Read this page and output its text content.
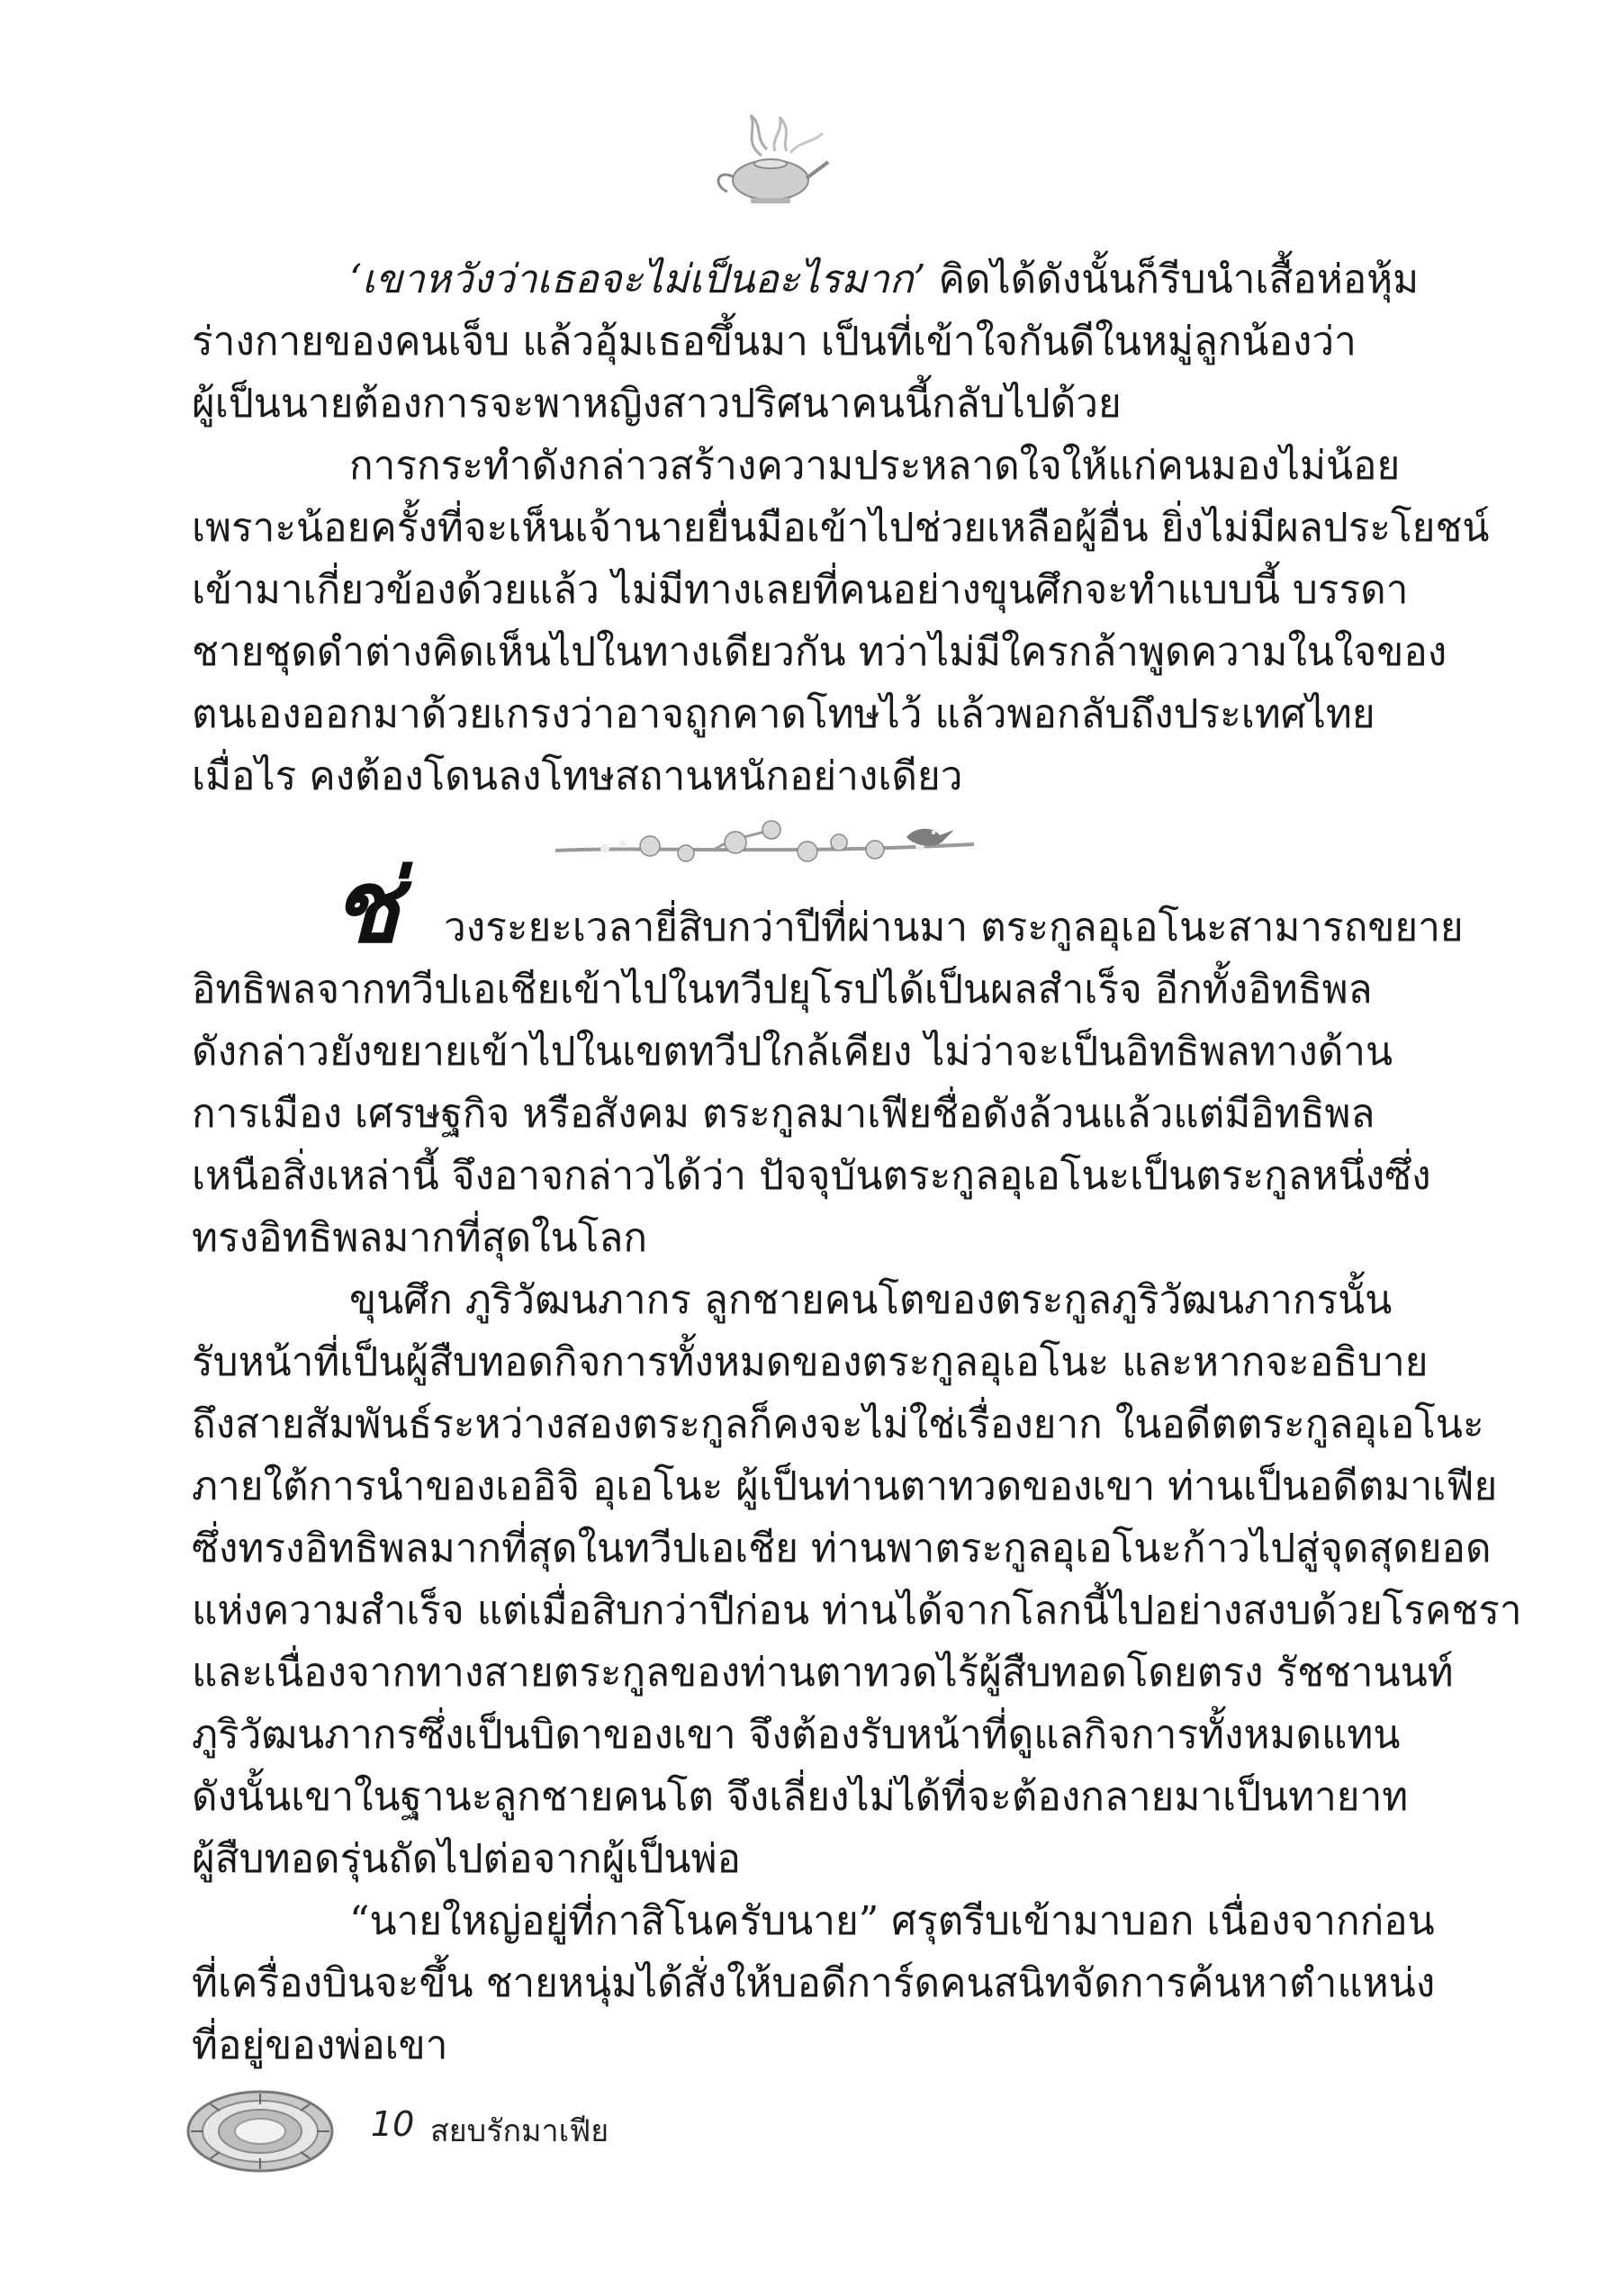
‘เขาหวังว่าเธอจะไม่เป็นอะไรมาก’ คิดได้ดังนั้นก็รีบนำเสื้อห่อหุ้ม
ร่างกายของคนเจ็บ แล้วอุ้มเธอขึ้นมา เป็นที่เข้าใจกันดีในหมู่ลูกน้องว่า
ผู้เป็นนายต้องการจะพาหญิงสาวปริศนาคนนี้กลับไปด้วย
การกระทำดังกล่าวสร้างความประหลาดใจให้แก่คนมองไม่น้อย
เพราะน้อยครั้งที่จะเห็นเจ้านายยื่นมือเข้าไปช่วยเหลือผู้อื่น ยิ่งไม่มีผลประโยชน์
เข้ามาเกี่ยวข้องด้วยแล้ว ไม่มีทางเลยที่คนอย่างขุนศึกจะทำแบบนี้ บรรดา
ชายชุดดำต่างคิดเห็นไปในทางเดียวกัน ทว่าไม่มีใครกล้าพูดความในใจของ
ตนเองออกมาด้วยเกรงว่าอาจถูกคาดโทษไว้ แล้วพอกลับถึงประเทศไทย
เมื่อไร คงต้องโดนลงโทษสถานหนักอย่างเดียว
ช่ วงระยะเวลายี่สิบกว่าปีที่ผ่านมา ตระกูลอุเอโนะสามารถขยาย
อิทธิพลจากทวีปเอเชียเข้าไปในทวีปยุโรปได้เป็นผลสำเร็จ อีกทั้งอิทธิพล
ดังกล่าวยังขยายเข้าไปในเขตทวีปใกล้เคียง ไม่ว่าจะเป็นอิทธิพลทางด้าน
การเมือง เศรษฐกิจ หรือสังคม ตระกูลมาเฟียชื่อดังล้วนแล้วแต่มีอิทธิพล
เหนือสิ่งเหล่านี้ จึงอาจกล่าวได้ว่า ปัจจุบันตระกูลอุเอโนะเป็นตระกูลหนึ่งซึ่ง
ทรงอิทธิพลมากที่สุดในโลก
ขุนศึก ภูริวัฒนภากร ลูกชายคนโตของตระกูลภูริวัฒนภากรนั้น
รับหน้าที่เป็นผู้สืบทอดกิจการทั้งหมดของตระกูลอุเอโนะ และหากจะอธิบาย
ถึงสายสัมพันธ์ระหว่างสองตระกูลก็คงจะไม่ใช่เรื่องยาก ในอดีตตระกูลอุเอโนะ
ภายใต้การนำของเออิจิ อุเอโนะ ผู้เป็นท่านตาทวดของเขา ท่านเป็นอดีตมาเฟีย
ซึ่งทรงอิทธิพลมากที่สุดในทวีปเอเชีย ท่านพาตระกูลอุเอโนะก้าวไปสู่จุดสุดยอด
แห่งความสำเร็จ แต่เมื่อสิบกว่าปีก่อน ท่านได้จากโลกนี้ไปอย่างสงบด้วยโรคชรา
และเนื่องจากทางสายตระกูลของท่านตาทวดไร้ผู้สืบทอดโดยตรง รัชชานนท์
ภูริวัฒนภากรซึ่งเป็นบิดาของเขา จึงต้องรับหน้าที่ดูแลกิจการทั้งหมดแทน
ดังนั้นเขาในฐานะลูกชายคนโต จึงเลี่ยงไม่ได้ที่จะต้องกลายมาเป็นทายาท
ผู้สืบทอดรุ่นถัดไปต่อจากผู้เป็นพ่อ
“นายใหญ่อยู่ที่กาสิโนครับนาย” ศรุตรีบเข้ามาบอก เนื่องจากก่อน
ที่เครื่องบินจะขึ้น ชายหนุ่มได้สั่งให้บอดีการ์ดคนสนิทจัดการค้นหาตำแหน่ง
ที่อยู่ของพ่อเขา
10 สยบรักมาเฟีย
